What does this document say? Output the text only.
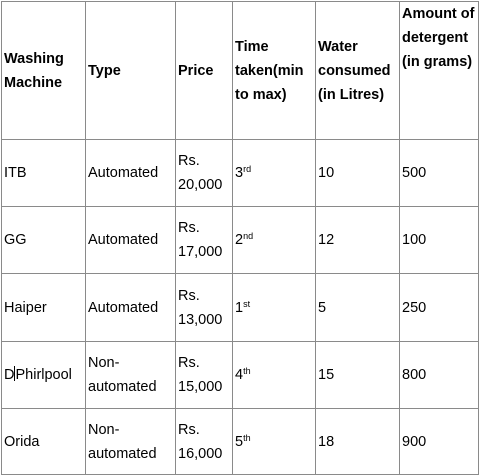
Washing Machine	Type	Price	Time taken(min to max)	Water consumed (in Litres)	Amount of detergent (in grams)
ITB	Automated	Rs. 20,000	3rd	10	500
GG	Automated	Rs. 17,000	2nd	12	100
Haiper	Automated	Rs. 13,000	1st	5	250
DPhirlpool	Non-automated	Rs. 15,000	4th	15	800
Orida	Non-automated	Rs. 16,000	5th	18	900
